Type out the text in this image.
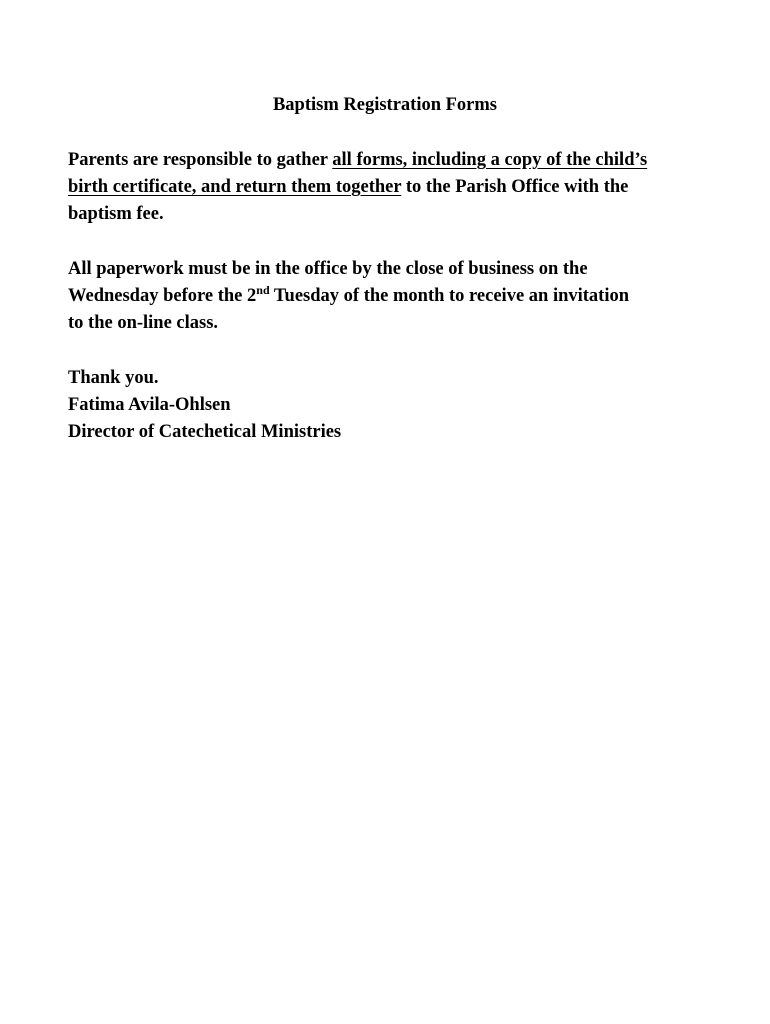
Baptism Registration Forms
Parents are responsible to gather all forms, including a copy of the child’s
birth certificate, and return them together to the Parish Office with the
baptism fee.
All paperwork must be in the office by the close of business on the
Wednesday before the 2nd Tuesday of the month to receive an invitation
to the on-line class.
Thank you.
Fatima Avila-Ohlsen
Director of Catechetical Ministries
